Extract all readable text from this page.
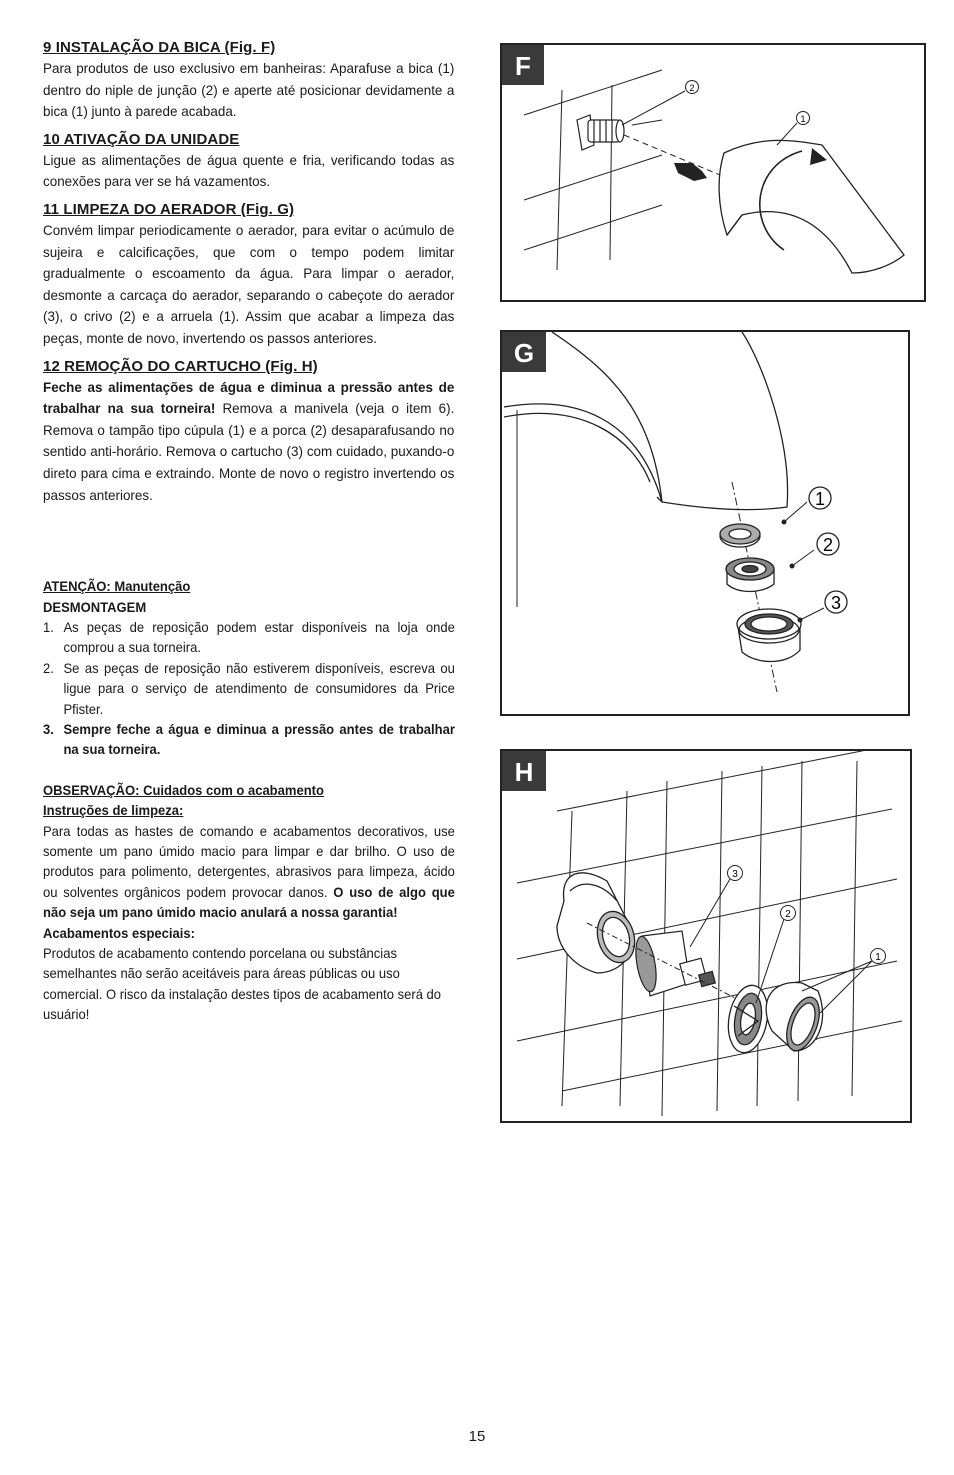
9 INSTALAÇÃO DA BICA (Fig. F)

Para produtos de uso exclusivo em banheiras: Aparafuse a bica (1) dentro do niple de junção (2) e aperte até posicionar devidamente a bica (1) junto à parede acabada.

10 ATIVAÇÃO DA UNIDADE

Ligue as alimentações de água quente e fria, verificando todas as conexões para ver se há vazamentos.

11 LIMPEZA DO AERADOR (Fig. G)

Convém limpar periodicamente o aerador, para evitar o acúmulo de sujeira e calcificações, que com o tempo podem limitar gradualmente o escoamento da água. Para limpar o aerador, desmonte a carcaça do aerador, separando o cabeçote do aerador (3), o crivo (2) e a arruela (1). Assim que acabar a limpeza das peças, monte de novo, invertendo os passos anteriores.

12 REMOÇÃO DO CARTUCHO (Fig. H)

Feche as alimentações de água e diminua a pressão antes de trabalhar na sua torneira! Remova a manivela (veja o item 6). Remova o tampão tipo cúpula (1) e a porca (2) desaparafusando no sentido anti-horário. Remova o cartucho (3) com cuidado, puxando-o direto para cima e extraindo. Monte de novo o registro invertendo os passos anteriores.

ATENÇÃO: Manutenção
DESMONTAGEM
1. As peças de reposição podem estar disponíveis na loja onde comprou a sua torneira.
2. Se as peças de reposição não estiverem disponíveis, escreva ou ligue para o serviço de atendimento de consumidores da Price Pfister.
3. Sempre feche a água e diminua a pressão antes de trabalhar na sua torneira.
OBSERVAÇÃO: Cuidados com o acabamento
Instruções de limpeza:

Para todas as hastes de comando e acabamentos decorativos, use somente um pano úmido macio para limpar e dar brilho. O uso de produtos para polimento, detergentes, abrasivos para limpeza, ácido ou solventes orgânicos podem provocar danos. O uso de algo que não seja um pano úmido macio anulará a nossa garantia!

Acabamentos especiais:

Produtos de acabamento contendo porcelana ou substâncias semelhantes não serão aceitáveis para áreas públicas ou uso comercial. O risco da instalação destes tipos de acabamento será do usuário!

F
2
1
G
1
2
3
H
3
2
1
15
